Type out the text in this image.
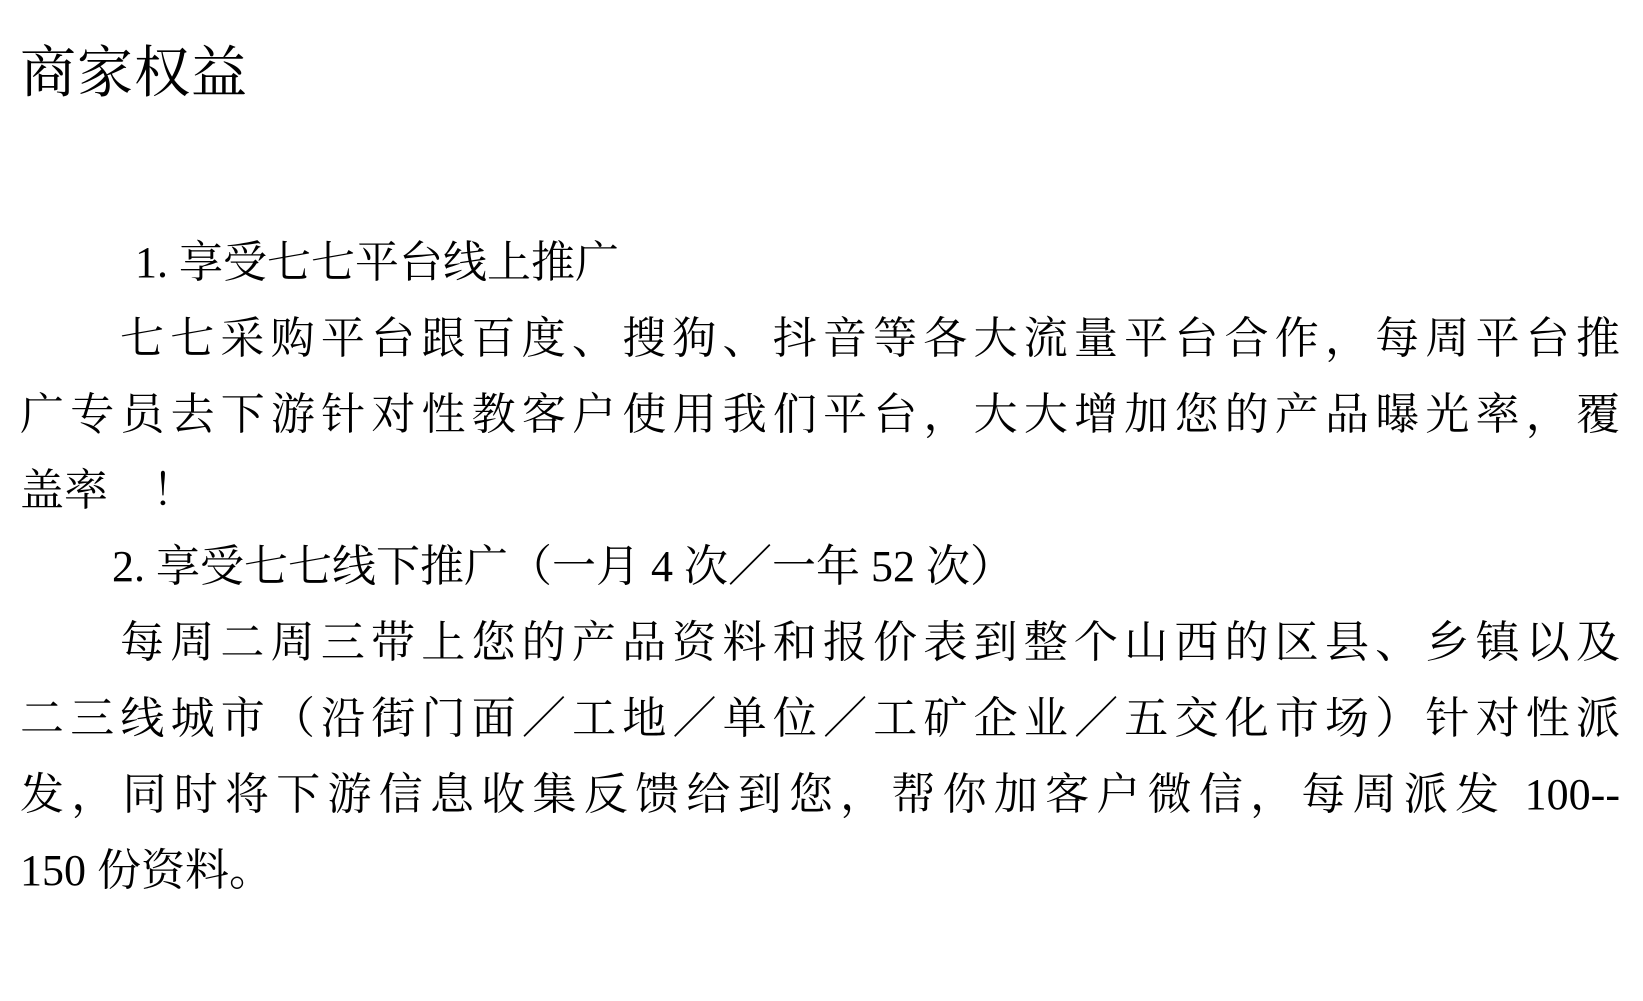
商家权益

1. 享受七七平台线上推广

七七采购平台跟百度、搜狗、抖音等各大流量平台合作，每周平台推

广专员去下游针对性教客户使用我们平台，大大增加您的产品曝光率，覆

盖率　！

2. 享受七七线下推广（一月 4 次／一年 52 次）

每周二周三带上您的产品资料和报价表到整个山西的区县、乡镇以及

二三线城市（沿街门面／工地／单位／工矿企业／五交化市场）针对性派

发，同时将下游信息收集反馈给到您，帮你加客户微信，每周派发 100--

150 份资料。
